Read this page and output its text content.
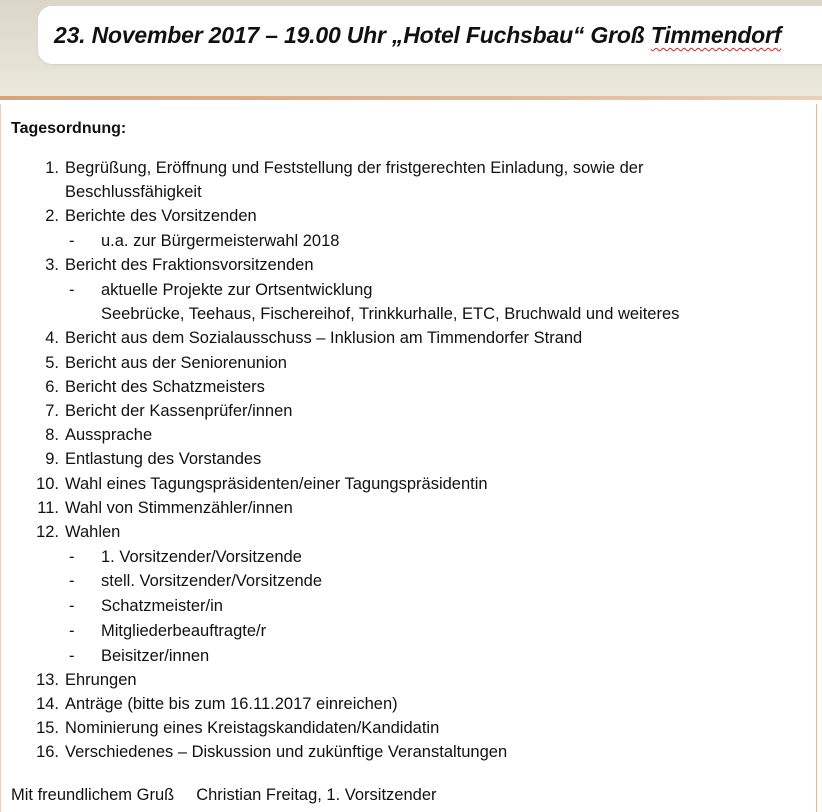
23. November 2017 – 19.00 Uhr „Hotel Fuchsbau“ Groß Timmendorf
Tagesordnung:
1. Begrüßung, Eröffnung und Feststellung der fristgerechten Einladung, sowie der
Beschlussfähigkeit
2. Berichte des Vorsitzenden
- u.a. zur Bürgermeisterwahl 2018
3. Bericht des Fraktionsvorsitzenden
- aktuelle Projekte zur Ortsentwicklung
Seebrücke, Teehaus, Fischereihof, Trinkkurhalle, ETC, Bruchwald und weiteres
4. Bericht aus dem Sozialausschuss – Inklusion am Timmendorfer Strand
5. Bericht aus der Seniorenunion
6. Bericht des Schatzmeisters
7. Bericht der Kassenprüfer/innen
8. Aussprache
9. Entlastung des Vorstandes
10. Wahl eines Tagungspräsidenten/einer Tagungspräsidentin
11. Wahl von Stimmenzähler/innen
12. Wahlen
- 1. Vorsitzender/Vorsitzende
- stell. Vorsitzender/Vorsitzende
- Schatzmeister/in
- Mitgliederbeauftragte/r
- Beisitzer/innen
13. Ehrungen
14. Anträge (bitte bis zum 16.11.2017 einreichen)
15. Nominierung eines Kreistagskandidaten/Kandidatin
16. Verschiedenes – Diskussion und zukünftige Veranstaltungen
Mit freundlichem Gruß Christian Freitag, 1. Vorsitzender
